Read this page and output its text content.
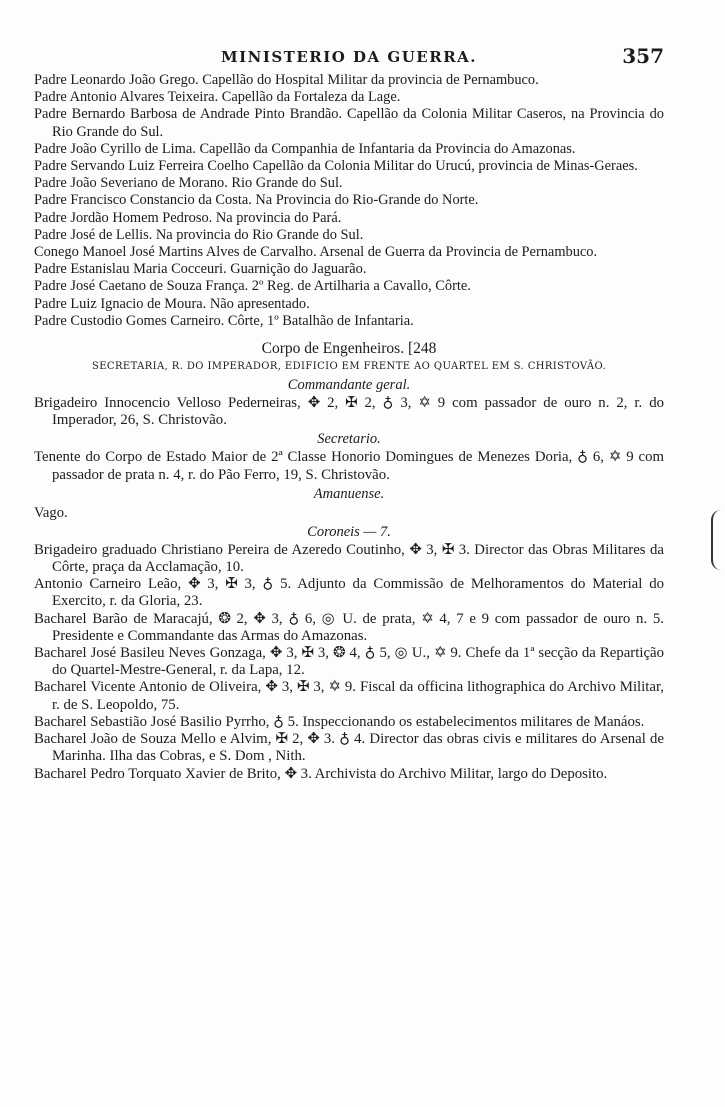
MINISTERIO DA GUERRA.	357

Padre Leonardo João Grego. Capellão do Hospital Militar da provincia de Pernambuco.

Padre Antonio Alvares Teixeira. Capellão da Fortaleza da Lage.

Padre Bernardo Barbosa de Andrade Pinto Brandão. Capellão da Colonia Militar Caseros, na Provincia do Rio Grande do Sul.

Padre João Cyrillo de Lima. Capellão da Companhia de Infantaria da Provincia do Amazonas.

Padre Servando Luiz Ferreira Coelho Capellão da Colonia Militar do Urucú, provincia de Minas-Geraes.

Padre João Severiano de Morano. Rio Grande do Sul.

Padre Francisco Constancio da Costa. Na Provincia do Rio-Grande do Norte.

Padre Jordão Homem Pedroso. Na provincia do Pará.

Padre José de Lellis. Na provincia do Rio Grande do Sul.

Conego Manoel José Martins Alves de Carvalho. Arsenal de Guerra da Provincia de Pernambuco.

Padre Estanislau Maria Cocceuri. Guarnição do Jaguarão.

Padre José Caetano de Souza França. 2º Reg. de Artilharia a Cavallo, Côrte.

Padre Luiz Ignacio de Moura. Não apresentado.

Padre Custodio Gomes Carneiro. Côrte, 1º Batalhão de Infantaria.

Corpo de Engenheiros. [248
SECRETARIA, R. DO IMPERADOR, EDIFICIO EM FRENTE AO QUARTEL EM S. CHRISTOVÃO.
Commandante geral.

Brigadeiro Innocencio Velloso Pederneiras, ✥ 2, ✠ 2, ♁ 3, ✡ 9 com passador de ouro n. 2, r. do Imperador, 26, S. Christovão.

Secretario.

Tenente do Corpo de Estado Maior de 2ª Classe Honorio Domingues de Menezes Doria, ♁ 6, ✡ 9 com passador de prata n. 4, r. do Pão Ferro, 19, S. Christovão.

Amanuense.
Vago.
Coroneis — 7.

Brigadeiro graduado Christiano Pereira de Azeredo Coutinho, ✥ 3, ✠ 3. Director das Obras Militares da Côrte, praça da Acclamação, 10.

Antonio Carneiro Leão, ✥ 3, ✠ 3, ♁ 5. Adjunto da Commissão de Melhoramentos do Material do Exercito, r. da Gloria, 23.

Bacharel Barão de Maracajú, ❂ 2, ✥ 3, ♁ 6, ◎ U. de prata, ✡ 4, 7 e 9 com passador de ouro n. 5. Presidente e Commandante das Armas do Amazonas.

Bacharel José Basileu Neves Gonzaga, ✥ 3, ✠ 3, ❂ 4, ♁ 5, ◎ U., ✡ 9. Chefe da 1ª secção da Repartição do Quartel-Mestre-General, r. da Lapa, 12.

Bacharel Vicente Antonio de Oliveira, ✥ 3, ✠ 3, ✡ 9. Fiscal da officina lithographica do Archivo Militar, r. de S. Leopoldo, 75.

Bacharel Sebastião José Basilio Pyrrho, ♁ 5. Inspeccionando os estabelecimentos militares de Manáos.

Bacharel João de Souza Mello e Alvim, ✠ 2, ✥ 3. ♁ 4. Director das obras civis e militares do Arsenal de Marinha. Ilha das Cobras, e S. Dom , Nith.

Bacharel Pedro Torquato Xavier de Brito, ✥ 3. Archivista do Archivo Militar, largo do Deposito.
